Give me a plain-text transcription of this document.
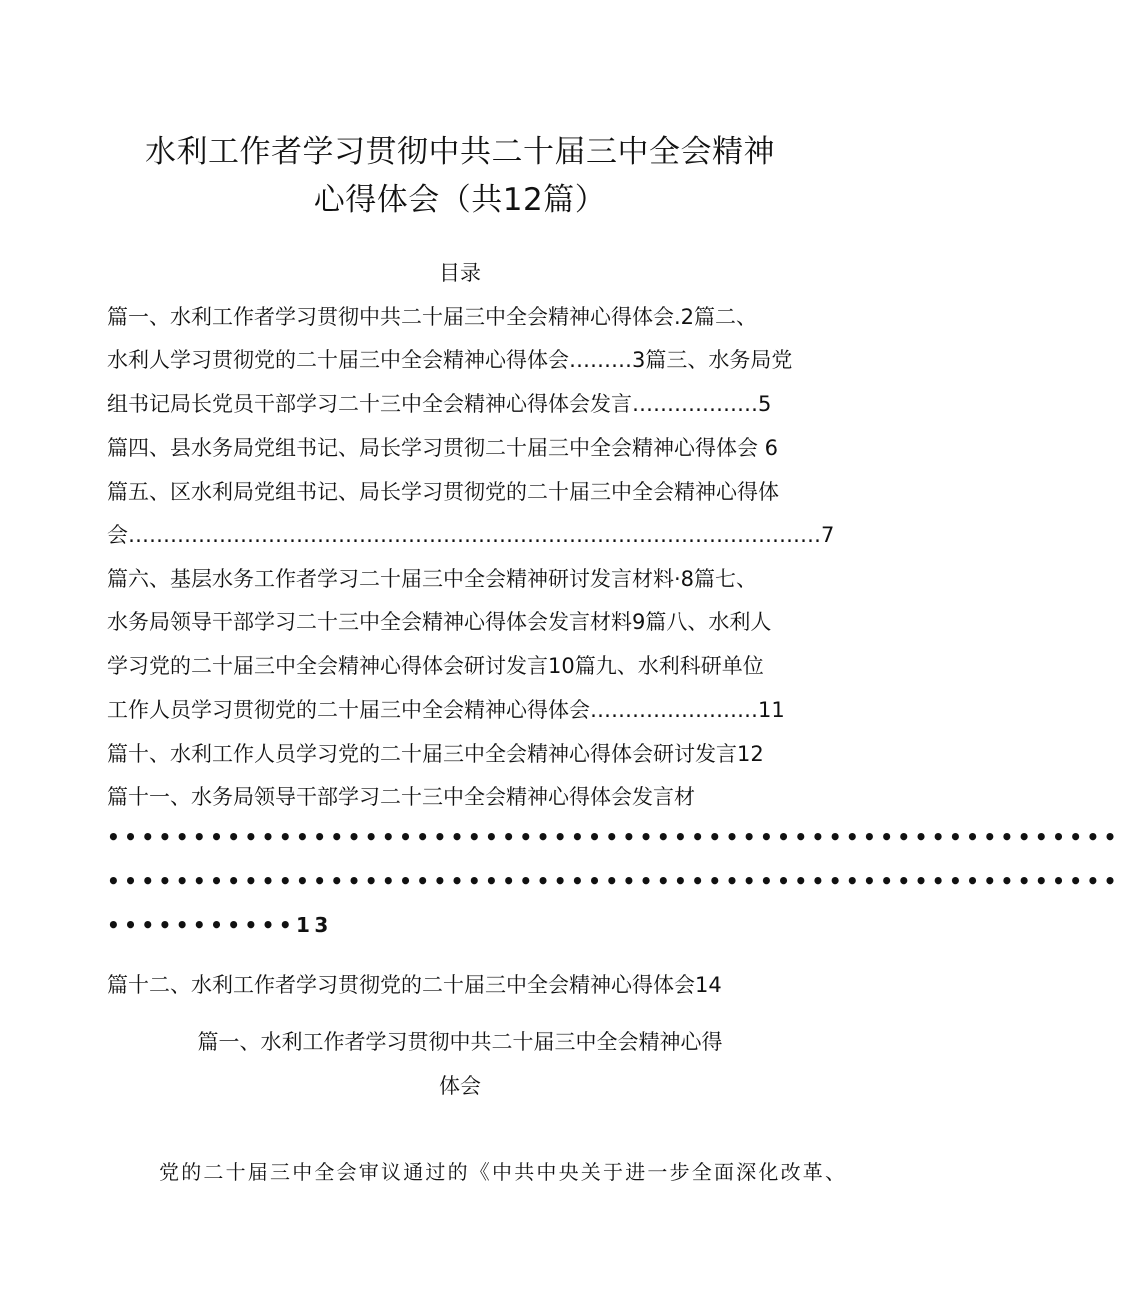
水利工作者学习贯彻中共二十届三中全会精神
心得体会（共12篇）
目录
篇一、水利工作者学习贯彻中共二十届三中全会精神心得体会.2篇二、
水利人学习贯彻党的二十届三中全会精神心得体会………3篇三、水务局党
组书记局长党员干部学习二十三中全会精神心得体会发言………………5
篇四、县水务局党组书记、局长学习贯彻二十届三中全会精神心得体会 6
篇五、区水利局党组书记、局长学习贯彻党的二十届三中全会精神心得体
会………………………………………………………………………………………7
篇六、基层水务工作者学习二十届三中全会精神研讨发言材料·8篇七、
水务局领导干部学习二十三中全会精神心得体会发言材料9篇八、水利人
学习党的二十届三中全会精神心得体会研讨发言10篇九、水利科研单位
工作人员学习贯彻党的二十届三中全会精神心得体会……………………11
篇十、水利工作人员学习党的二十届三中全会精神心得体会研讨发言12
篇十一、水务局领导干部学习二十三中全会精神心得体会发言材
•••••••••••••••••••••••••••••••••••••••••••••••••••••••••••
•••••••••••••••••••••••••••••••••••••••••••••••••••••••••••
•••••••••••13
篇十二、水利工作者学习贯彻党的二十届三中全会精神心得体会14
篇一、水利工作者学习贯彻中共二十届三中全会精神心得
体会
党的二十届三中全会审议通过的《中共中央关于进一步全面深化改革、
